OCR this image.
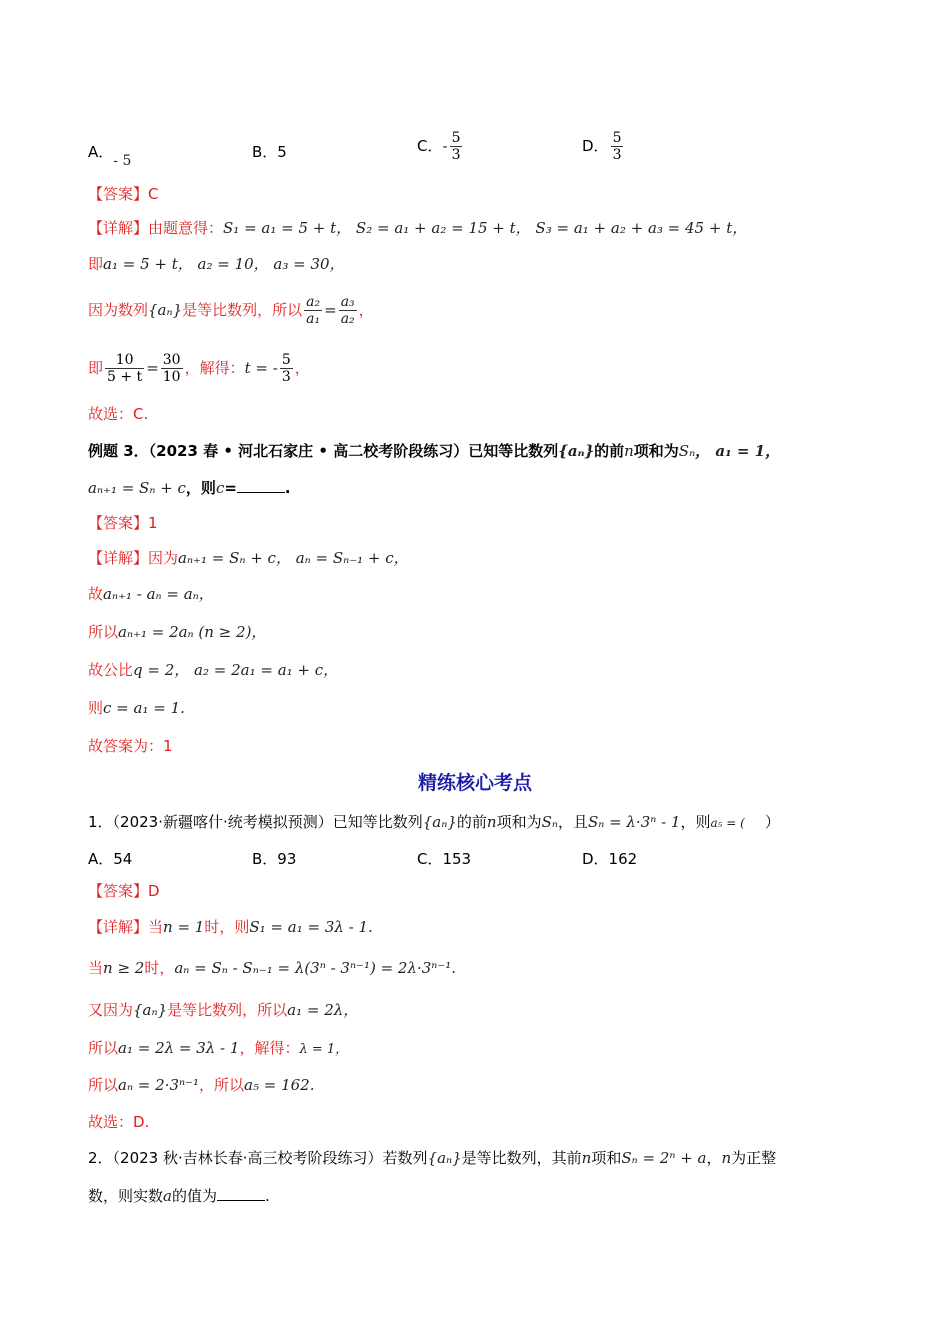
A．- 5	B．5	C．- $\frac{5}{3}$	D． $\frac{5}{3}$
【答案】C
【详解】由题意得：S₁ = a₁ = 5 + t， S₂ = a₁ + a₂ = 15 + t， S₃ = a₁ + a₂ + a₃ = 45 + t，
即a₁ = 5 + t， a₂ = 10， a₃ = 30，
因为数列{aₙ}是等比数列，所以 $\frac{\text{a₂}}{\text{a₁}} = \frac{\text{a₃}}{\text{a₂}}$ ，
即 $\frac{10}{5 + t} = \frac{30}{10}$ ，解得：t = - $\frac{5}{3}$ ，
故选：C.
例题 3．（2023 春 • 河北石家庄 • 高二校考阶段练习）已知等比数列{aₙ}的前n项和为Sₙ， a₁ = 1，
aₙ₊₁ = Sₙ + c，则c=	.
【答案】1
【详解】因为aₙ₊₁ = Sₙ + c， aₙ = Sₙ₋₁ + c，
故aₙ₊₁ - aₙ = aₙ，
所以aₙ₊₁ = 2aₙ (n ≥ 2)，
故公比q = 2， a₂ = 2a₁ = a₁ + c，
则c = a₁ = 1.
故答案为：1
精练核心考点
1．（2023·新疆喀什·统考模拟预测）已知等比数列{aₙ}的前n项和为Sₙ，且Sₙ = λ·3ⁿ - 1，则a₅ = ( ）
A．54	B．93	C．153	D．162
【答案】D
【详解】当n = 1时，则S₁ = a₁ = 3λ - 1.
当n ≥ 2时，aₙ = Sₙ - Sₙ₋₁ = λ(3ⁿ - 3ⁿ⁻¹) = 2λ·3ⁿ⁻¹.
又因为{aₙ}是等比数列，所以a₁ = 2λ，
所以a₁ = 2λ = 3λ - 1，解得：λ = 1，
所以aₙ = 2·3ⁿ⁻¹，所以a₅ = 162.
故选：D.
2．（2023 秋·吉林长春·高三校考阶段练习）若数列{aₙ}是等比数列，其前n项和Sₙ = 2ⁿ + a，n为正整
数，则实数a的值为	.
